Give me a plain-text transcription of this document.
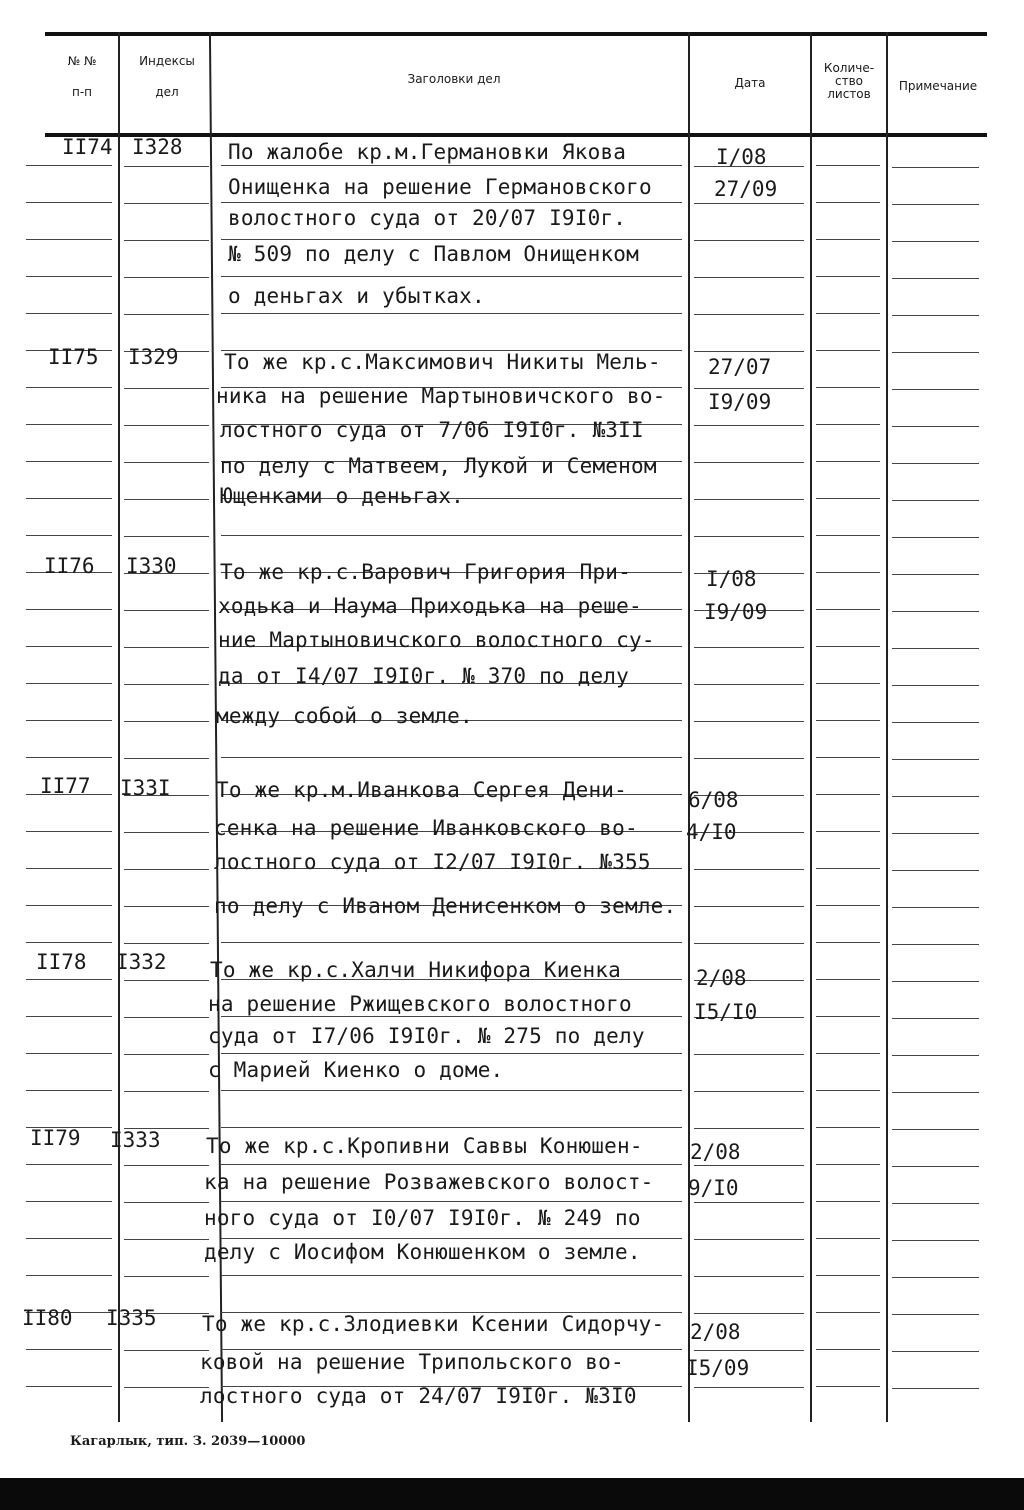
№ №
п-п
Индексы
дел
Заголовки дел	Дата
Количе-
ство
листов
Примечание
II74 I328 По жалобе кр.м.Германовки Якова
Онищенка на решение Германовского
волостного суда от 20/07 I9I0г.
№ 509 по делу с Павлом Онищенком
о деньгах и убытках.
I/08
27/09
II75 I329 То же кр.с.Максимович Никиты Мель-
ника на решение Мартыновичского во-
лостного суда от 7/06 I9I0г. №3II
по делу с Матвеем, Лукой и Семеном
Ющенками о деньгах.
27/07
I9/09
II76 I330 То же кр.с.Варович Григория При-
ходька и Наума Приходька на реше-
ние Мартыновичского волостного су-
да от I4/07 I9I0г. № 370 по делу
между собой о земле.
I/08
I9/09
II77 I33I То же кр.м.Иванкова Сергея Дени-
сенка на решение Иванковского во-
лостного суда от I2/07 I9I0г. №355
по делу с Иваном Денисенком о земле.
6/08
4/I0
II78 I332 То же кр.с.Халчи Никифора Киенка
на решение Ржищевского волостного
суда от I7/06 I9I0г. № 275 по делу
с Марией Киенко о доме.
2/08
I5/I0
II79 I333 То же кр.с.Кропивни Саввы Конюшен-
ка на решение Розважевского волост-
ного суда от I0/07 I9I0г. № 249 по
делу с Иосифом Конюшенком о земле.
2/08
9/I0
II80 I335 То же кр.с.Злодиевки Ксении Сидорчу-
ковой на решение Трипольского во-
лостного суда от 24/07 I9I0г. №3I0
2/08
I5/09
Кагарлык, тип. З. 2039—10000
